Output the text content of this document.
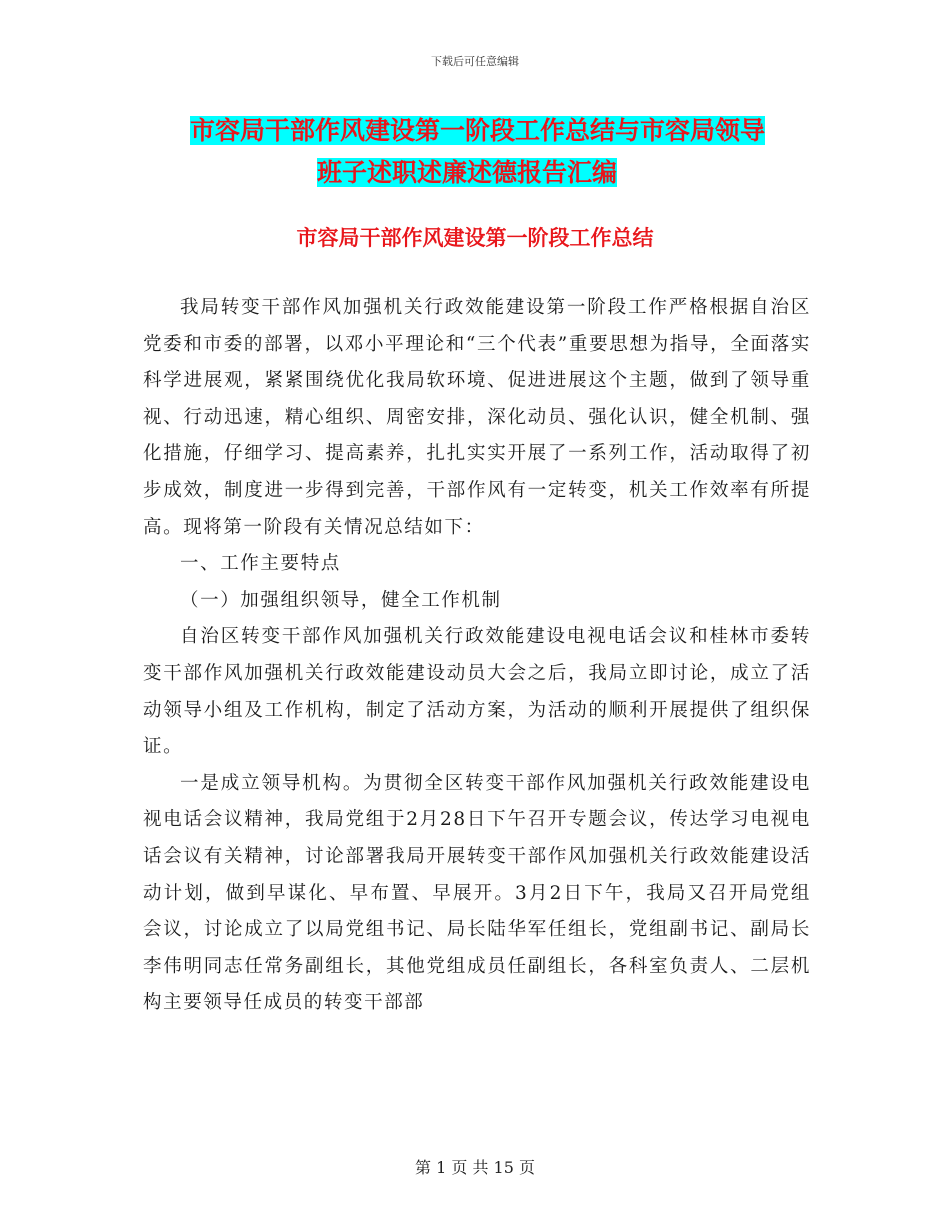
下载后可任意编辑
市容局干部作风建设第一阶段工作总结与市容局领导
班子述职述廉述德报告汇编
市容局干部作风建设第一阶段工作总结

我局转变干部作风加强机关行政效能建设第一阶段工作严格根据自治区党委和市委的部署，以邓小平理论和“三个代表”重要思想为指导，全面落实科学进展观，紧紧围绕优化我局软环境、促进进展这个主题，做到了领导重视、行动迅速，精心组织、周密安排，深化动员、强化认识，健全机制、强化措施，仔细学习、提高素养，扎扎实实开展了一系列工作，活动取得了初步成效，制度进一步得到完善，干部作风有一定转变，机关工作效率有所提高。现将第一阶段有关情况总结如下：

一、工作主要特点

（一）加强组织领导，健全工作机制

自治区转变干部作风加强机关行政效能建设电视电话会议和桂林市委转变干部作风加强机关行政效能建设动员大会之后，我局立即讨论，成立了活动领导小组及工作机构，制定了活动方案，为活动的顺利开展提供了组织保证。

一是成立领导机构。为贯彻全区转变干部作风加强机关行政效能建设电视电话会议精神，我局党组于2月28日下午召开专题会议，传达学习电视电话会议有关精神，讨论部署我局开展转变干部作风加强机关行政效能建设活动计划，做到早谋化、早布置、早展开。3月2日下午，我局又召开局党组会议，讨论成立了以局党组书记、局长陆华军任组长，党组副书记、副局长李伟明同志任常务副组长，其他党组成员任副组长，各科室负责人、二层机构主要领导任成员的转变干部部

第 1 页 共 15 页
